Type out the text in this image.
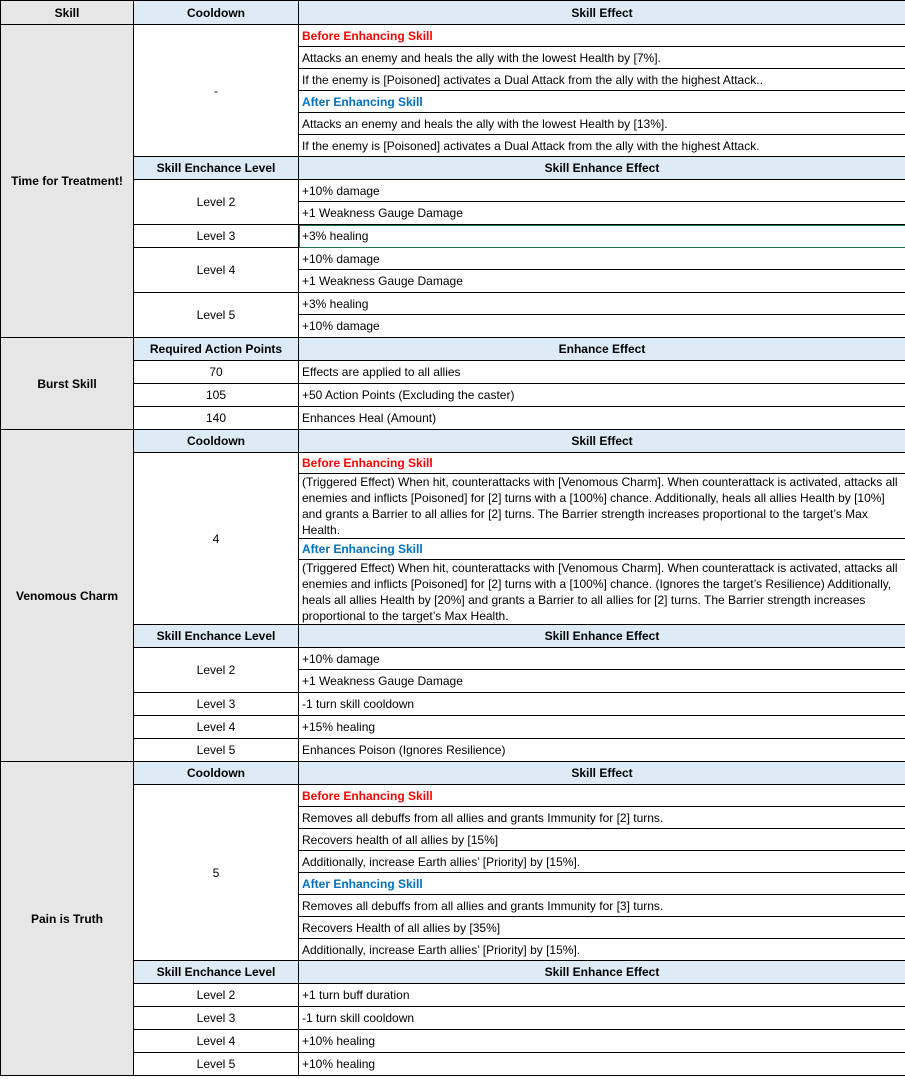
Skill	Cooldown	Skill Effect
Time for Treatment!	-	Before Enhancing Skill
		Attacks an enemy and heals the ally with the lowest Health by [7%].
		If the enemy is [Poisoned] activates a Dual Attack from the ally with the highest Attack..
		After Enhancing Skill
		Attacks an enemy and heals the ally with the lowest Health by [13%].
		If the enemy is [Poisoned] activates a Dual Attack from the ally with the highest Attack.
	Skill Enchance Level	Skill Enhance Effect
	Level 2	+10% damage
		+1 Weakness Gauge Damage
	Level 3	+3% healing
	Level 4	+10% damage
		+1 Weakness Gauge Damage
	Level 5	+3% healing
		+10% damage

Burst Skill	Required Action Points	Enhance Effect
	70	Effects are applied to all allies
	105	+50 Action Points (Excluding the caster)
	140	Enhances Heal (Amount)
Venomous Charm	Cooldown	Skill Effect
	4	Before Enhancing Skill
		(Triggered Effect) When hit, counterattacks with [Venomous Charm]. When counterattack is activated, attacks all enemies and inflicts [Poisoned] for [2] turns with a [100%] chance. Additionally, heals all allies Health by [10%] and grants a Barrier to all allies for [2] turns. The Barrier strength increases proportional to the target’s Max Health.
		After Enhancing Skill
		(Triggered Effect) When hit, counterattacks with [Venomous Charm]. When counterattack is activated, attacks all enemies and inflicts [Poisoned] for [2] turns with a [100%] chance. (Ignores the target’s Resilience) Additionally, heals all allies Health by [20%] and grants a Barrier to all allies for [2] turns. The Barrier strength increases proportional to the target’s Max Health.
	Skill Enchance Level	Skill Enhance Effect
	Level 2	+10% damage
		+1 Weakness Gauge Damage
	Level 3	-1 turn skill cooldown
	Level 4	+15% healing
	Level 5	Enhances Poison (Ignores Resilience)

Pain is Truth	Cooldown	Skill Effect
	5	Before Enhancing Skill
		Removes all debuffs from all allies and grants Immunity for [2] turns.
		Recovers health of all allies by [15%]
		Additionally, increase Earth allies’ [Priority] by [15%].
		After Enhancing Skill
		Removes all debuffs from all allies and grants Immunity for [3] turns.
		Recovers Health of all allies by [35%]
		Additionally, increase Earth allies’ [Priority] by [15%].
	Skill Enchance Level	Skill Enhance Effect
	Level 2	+1 turn buff duration
	Level 3	-1 turn skill cooldown
	Level 4	+10% healing
	Level 5	+10% healing
